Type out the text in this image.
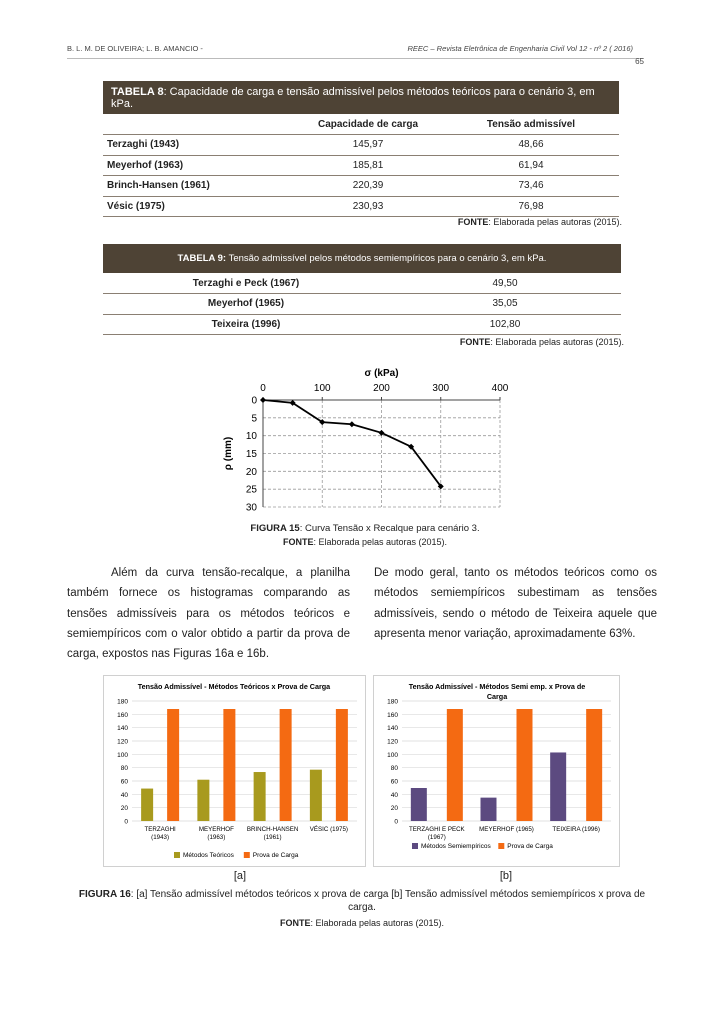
B. L. M. DE OLIVEIRA; L. B. AMANCIO -	REEC – Revista Eletrônica de Engenharia Civil Vol 12 - nº 2 ( 2016)
65
TABELA 8: Capacidade de carga e tensão admissível pelos métodos teóricos para o cenário 3, em kPa.
	Capacidade de carga	Tensão admissível
Terzaghi (1943)	145,97	48,66
Meyerhof (1963)	185,81	61,94
Brinch-Hansen (1961)	220,39	73,46
Vésic (1975)	230,93	76,98
FONTE: Elaborada pelas autoras (2015).
TABELA 9: Tensão admissível pelos métodos semiempíricos para o cenário 3, em kPa.
Terzaghi e Peck (1967)	49,50
Meyerhof (1965)	35,05
Teixeira (1996)	102,80
FONTE: Elaborada pelas autoras (2015).
σ (kPa)
0	100	200	300	400
0
5
10
15
20
25
30
ρ (mm)
FIGURA 15: Curva Tensão x Recalque para cenário 3.
FONTE: Elaborada pelas autoras (2015).
Além da curva tensão-recalque, a planilha também fornece os histogramas comparando as tensões admissíveis para os métodos teóricos e semiempíricos com o valor obtido a partir da prova de carga, expostos nas Figuras 16a e 16b.
De modo geral, tanto os métodos teóricos como os métodos semiempíricos subestimam as tensões admissíveis, sendo o método de Teixeira aquele que apresenta menor variação, aproximadamente 63%.
Tensão Admissível - Métodos Teóricos x Prova de Carga
0
20
40
60
80
100
120
140
160
180
TERZAGHI
(1943)
MEYERHOF
(1963)
BRINCH-HANSEN
(1961)
VÉSIC (1975)
Métodos Teóricos	Prova de Carga
Tensão Admissível - Métodos Semi emp. x Prova de
Carga
0
20
40
60
80
100
120
140
160
180
TERZAGHI E PECK
(1967)
MEYERHOF (1965)	TEIXEIRA (1996)
Métodos Semiempíricos	Prova de Carga
[a]	[b]
FIGURA 16: [a] Tensão admissível métodos teóricos x prova de carga [b] Tensão admissível métodos semiempíricos x prova de carga.
FONTE: Elaborada pelas autoras (2015).
